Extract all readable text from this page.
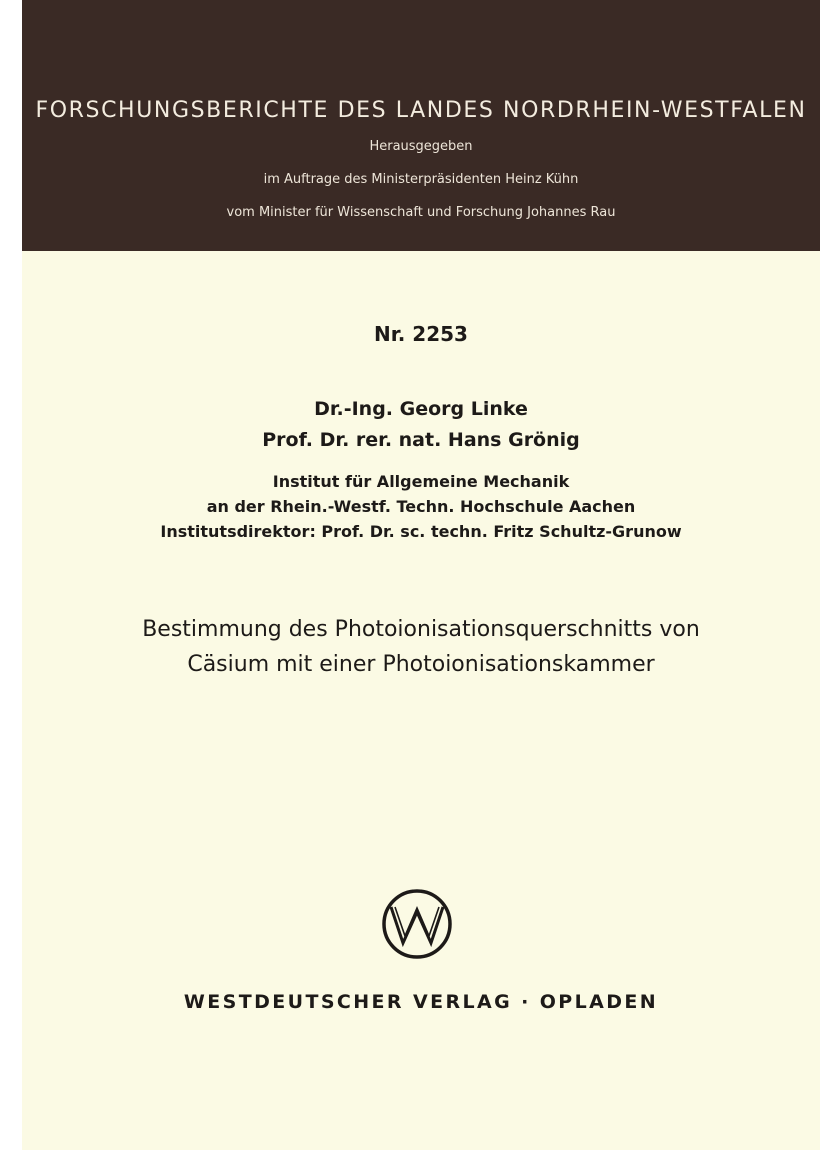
FORSCHUNGSBERICHTE DES LANDES NORDRHEIN-WESTFALEN
Herausgegeben
im Auftrage des Ministerpräsidenten Heinz Kühn
vom Minister für Wissenschaft und Forschung Johannes Rau
Nr. 2253
Dr.-Ing. Georg Linke
Prof. Dr. rer. nat. Hans Grönig
Institut für Allgemeine Mechanik
an der Rhein.-Westf. Techn. Hochschule Aachen
Institutsdirektor: Prof. Dr. sc. techn. Fritz Schultz-Grunow
Bestimmung des Photoionisationsquerschnitts von
Cäsium mit einer Photoionisationskammer
WESTDEUTSCHER VERLAG · OPLADEN
